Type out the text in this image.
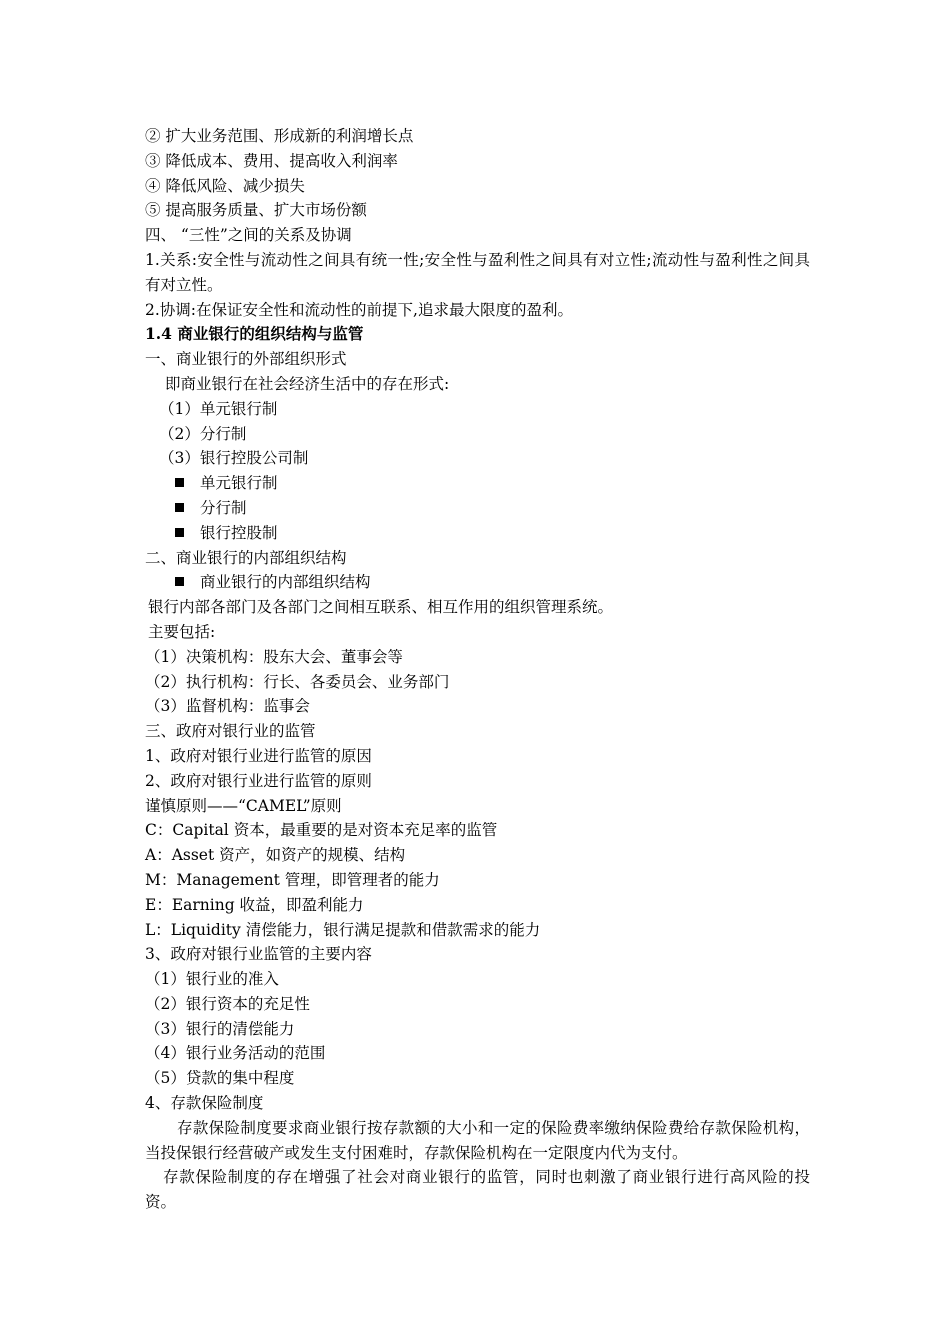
② 扩大业务范围、形成新的利润增长点
③ 降低成本、费用、提高收入利润率
④ 降低风险、减少损失
⑤ 提高服务质量、扩大市场份额
四、 “三性”之间的关系及协调
1.关系:安全性与流动性之间具有统一性;安全性与盈利性之间具有对立性;流动性与盈利性之间具有对立性。
2.协调:在保证安全性和流动性的前提下,追求最大限度的盈利。
1.4 商业银行的组织结构与监管
一、商业银行的外部组织形式
即商业银行在社会经济生活中的存在形式:
（1）单元银行制
（2）分行制
（3）银行控股公司制
单元银行制
分行制
银行控股制
二、商业银行的内部组织结构
商业银行的内部组织结构
银行内部各部门及各部门之间相互联系、相互作用的组织管理系统。
主要包括:
（1）决策机构：股东大会、董事会等
（2）执行机构：行长、各委员会、业务部门
（3）监督机构：监事会
三、政府对银行业的监管
1、政府对银行业进行监管的原因
2、政府对银行业进行监管的原则
谨慎原则——“CAMEL”原则
C：Capital 资本，最重要的是对资本充足率的监管
A：Asset 资产，如资产的规模、结构
M：Management 管理，即管理者的能力
E：Earning 收益，即盈利能力
L：Liquidity 清偿能力，银行满足提款和借款需求的能力
3、政府对银行业监管的主要内容
（1）银行业的准入
（2）银行资本的充足性
（3）银行的清偿能力
（4）银行业务活动的范围
（5）贷款的集中程度
4、存款保险制度
存款保险制度要求商业银行按存款额的大小和一定的保险费率缴纳保险费给存款保险机构，当投保银行经营破产或发生支付困难时，存款保险机构在一定限度内代为支付。
存款保险制度的存在增强了社会对商业银行的监管，同时也刺激了商业银行进行高风险的投资。
